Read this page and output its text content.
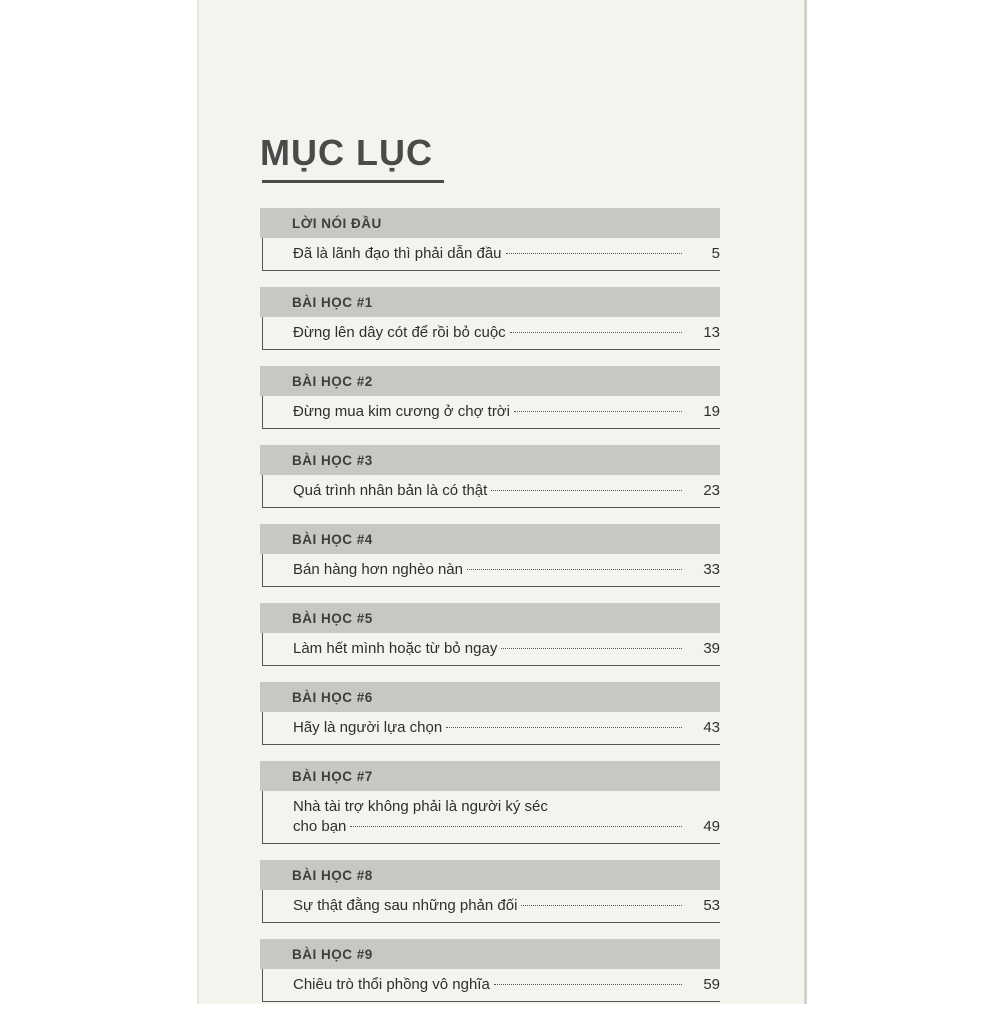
MỤC LỤC
LỜI NÓI ĐẦU
Đã là lãnh đạo thì phải dẫn đầu	5
BÀI HỌC #1
Đừng lên dây cót để rồi bỏ cuộc	13
BÀI HỌC #2
Đừng mua kim cương ở chợ trời	19
BÀI HỌC #3
Quá trình nhân bản là có thật	23
BÀI HỌC #4
Bán hàng hơn nghèo nàn	33
BÀI HỌC #5
Làm hết mình hoặc từ bỏ ngay	39
BÀI HỌC #6
Hãy là người lựa chọn	43
BÀI HỌC #7
Nhà tài trợ không phải là người ký séc
cho bạn	49
BÀI HỌC #8
Sự thật đằng sau những phản đối	53
BÀI HỌC #9
Chiêu trò thổi phồng vô nghĩa	59
